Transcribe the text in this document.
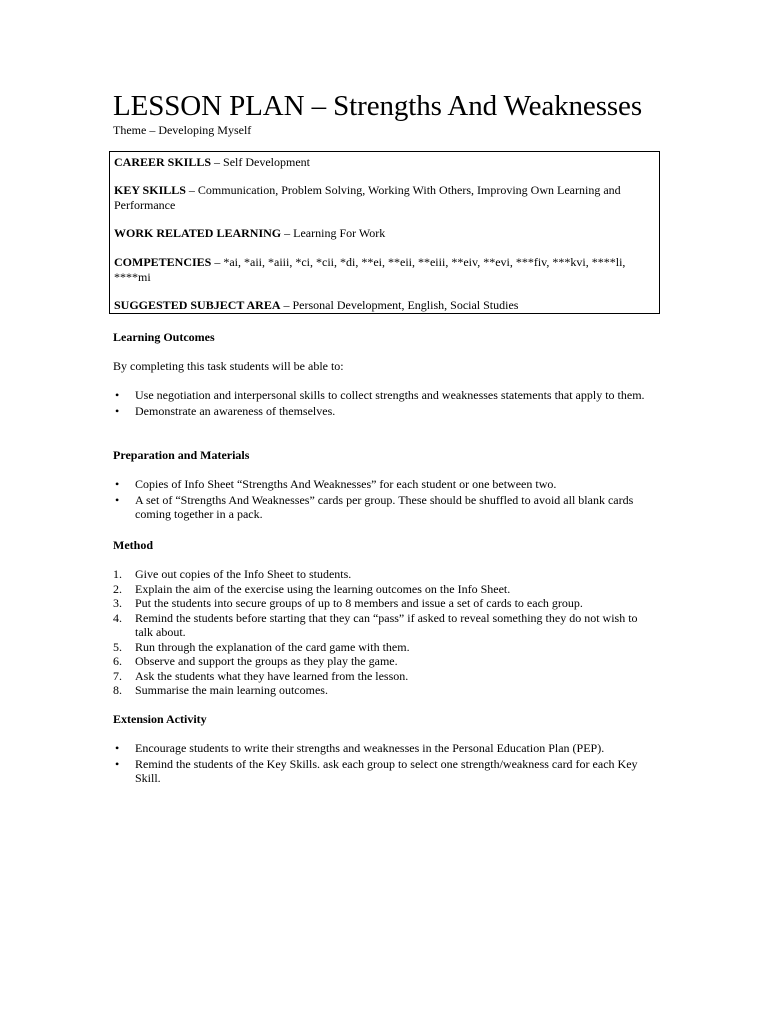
LESSON PLAN – Strengths And Weaknesses
Theme – Developing Myself
CAREER SKILLS – Self Development
KEY SKILLS – Communication, Problem Solving, Working With Others, Improving Own Learning and Performance
WORK RELATED LEARNING – Learning For Work
COMPETENCIES – *ai, *aii, *aiii, *ci, *cii, *di, **ei, **eii, **eiii, **eiv, **evi, ***fiv, ***kvi, ****li, ****mi
SUGGESTED SUBJECT AREA – Personal Development, English, Social Studies
Learning Outcomes
By completing this task students will be able to:
• Use negotiation and interpersonal skills to collect strengths and weaknesses statements that apply to them.
• Demonstrate an awareness of themselves.
Preparation and Materials
• Copies of Info Sheet “Strengths And Weaknesses” for each student or one between two.
• A set of “Strengths And Weaknesses” cards per group. These should be shuffled to avoid all blank cards coming together in a pack.
Method
1. Give out copies of the Info Sheet to students.
2. Explain the aim of the exercise using the learning outcomes on the Info Sheet.
3. Put the students into secure groups of up to 8 members and issue a set of cards to each group.
4. Remind the students before starting that they can “pass” if asked to reveal something they do not wish to talk about.
5. Run through the explanation of the card game with them.
6. Observe and support the groups as they play the game.
7. Ask the students what they have learned from the lesson.
8. Summarise the main learning outcomes.
Extension Activity
• Encourage students to write their strengths and weaknesses in the Personal Education Plan (PEP).
• Remind the students of the Key Skills. ask each group to select one strength/weakness card for each Key Skill.
